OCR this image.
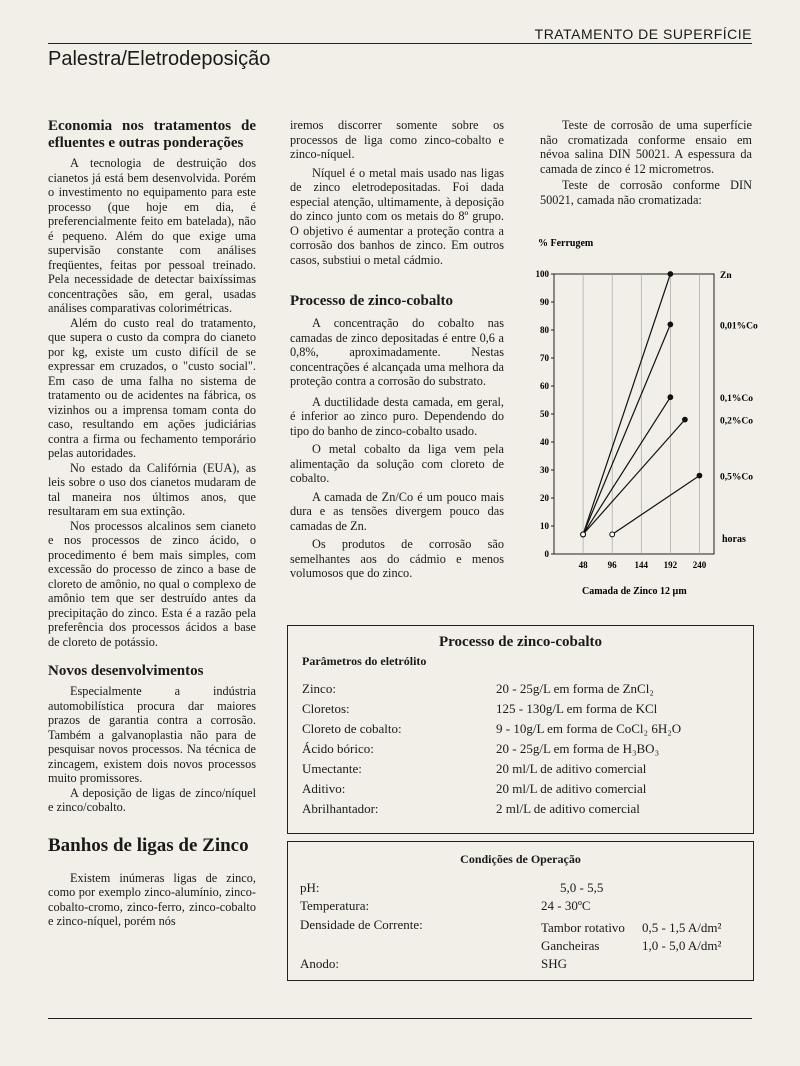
TRATAMENTO DE SUPERFÍCIE
Palestra/Eletrodeposição
Economia nos tratamentos de efluentes e outras ponderações

A tecnologia de destruição dos cianetos já está bem desenvolvida. Porém o investimento no equipamento para este processo (que hoje em dia, é preferencialmente feito em batelada), não é pequeno. Além do que exige uma supervisão constante com análises freqüentes, feitas por pessoal treinado. Pela necessidade de detectar baixíssimas concentrações são, em geral, usadas análises comparativas colorimétricas.

Além do custo real do tratamento, que supera o custo da compra do cianeto por kg, existe um custo difícil de se expressar em cruzados, o "custo social". Em caso de uma falha no sistema de tratamento ou de acidentes na fábrica, os vizinhos ou a imprensa tomam conta do caso, resultando em ações judiciárias contra a firma ou fechamento temporário pelas autoridades.

No estado da Califórnia (EUA), as leis sobre o uso dos cianetos mudaram de tal maneira nos últimos anos, que resultaram em sua extinção.

Nos processos alcalinos sem cianeto e nos processos de zinco ácido, o procedimento é bem mais simples, com excessão do processo de zinco a base de cloreto de amônio, no qual o complexo de amônio tem que ser destruído antes da precipitação do zinco. Esta é a razão pela preferência dos processos ácidos a base de cloreto de potássio.

Novos desenvolvimentos

Especialmente a indústria automobilística procura dar maiores prazos de garantia contra a corrosão. Também a galvanoplastia não para de pesquisar novos processos. Na técnica de zincagem, existem dois novos processos muito promissores.

A deposição de ligas de zinco/níquel e zinco/cobalto.

Banhos de ligas de Zinco

Existem inúmeras ligas de zinco, como por exemplo zinco-alumínio, zinco-cobalto-cromo, zinco-ferro, zinco-cobalto e zinco-níquel, porém nós

iremos discorrer somente sobre os processos de liga como zinco-cobalto e zinco-níquel.

Níquel é o metal mais usado nas ligas de zinco eletrodepositadas. Foi dada especial atenção, ultimamente, à deposição do zinco junto com os metais do 8º grupo. O objetivo é aumentar a proteção contra a corrosão dos banhos de zinco. Em outros casos, substiui o metal cádmio.

Processo de zinco-cobalto

A concentração do cobalto nas camadas de zinco depositadas é entre 0,6 a 0,8%, aproximadamente. Nestas concentrações é alcançada uma melhora da proteção contra a corrosão do substrato.

A ductilidade desta camada, em geral, é inferior ao zinco puro. Dependendo do tipo do banho de zinco-cobalto usado.

O metal cobalto da liga vem pela alimentação da solução com cloreto de cobalto.

A camada de Zn/Co é um pouco mais dura e as tensões divergem pouco das camadas de Zn.

Os produtos de corrosão são semelhantes aos do cádmio e menos volumosos que do zinco.

Teste de corrosão de uma superfície não cromatizada conforme ensaio em névoa salina DIN 50021. A espessura da camada de zinco é 12 micrometros.

Teste de corrosão conforme DIN 50021, camada não cromatizada:

% Ferrugem
0
10
20
30
40
50
60
70
80
90
100
48 96 144 192 240
Zn
0,01%Co
0,1%Co
0,2%Co
0,5%Co
Camada de Zinco 12 µm
horas
Processo de zinco-cobalto
Parâmetros do eletrólito
Zinco:	20 - 25g/L em forma de ZnCl₂
Cloretos:	125 - 130g/L em forma de KCl
Cloreto de cobalto:	9 - 10g/L em forma de CoCl₂ 6H₂O
Ácido bórico:	20 - 25g/L em forma de H₃BO₃
Umectante:	20 ml/L de aditivo comercial
Aditivo:	20 ml/L de aditivo comercial
Abrilhantador:	2 ml/L de aditivo comercial
Condições de Operação
pH:	5,0 - 5,5
Temperatura:	24 - 30ºC
Densidade de Corrente:	Tambor rotativo 0,5 - 1,5 A/dm²
Gancheiras	1,0 - 5,0 A/dm²
Anodo:	SHG
